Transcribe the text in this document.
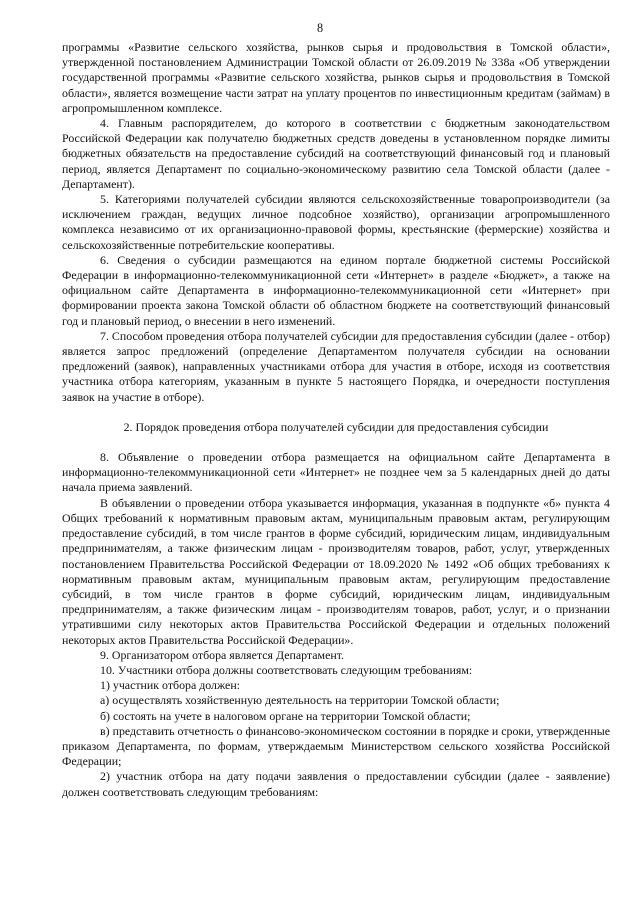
8

программы «Развитие сельского хозяйства, рынков сырья и продовольствия в Томской области», утвержденной постановлением Администрации Томской области от 26.09.2019 № 338а «Об утверждении государственной программы «Развитие сельского хозяйства, рынков сырья и продовольствия в Томской области», является возмещение части затрат на уплату процентов по инвестиционным кредитам (займам) в агропромышленном комплексе.

4. Главным распорядителем, до которого в соответствии с бюджетным законодательством Российской Федерации как получателю бюджетных средств доведены в установленном порядке лимиты бюджетных обязательств на предоставление субсидий на соответствующий финансовый год и плановый период, является Департамент по социально-экономическому развитию села Томской области (далее - Департамент).

5. Категориями получателей субсидии являются сельскохозяйственные товаропроизводители (за исключением граждан, ведущих личное подсобное хозяйство), организации агропромышленного комплекса независимо от их организационно-правовой формы, крестьянские (фермерские) хозяйства и сельскохозяйственные потребительские кооперативы.

6. Сведения о субсидии размещаются на едином портале бюджетной системы Российской Федерации в информационно-телекоммуникационной сети «Интернет» в разделе «Бюджет», а также на официальном сайте Департамента в информационно-телекоммуникационной сети «Интернет» при формировании проекта закона Томской области об областном бюджете на соответствующий финансовый год и плановый период, о внесении в него изменений.

7. Способом проведения отбора получателей субсидии для предоставления субсидии (далее - отбор) является запрос предложений (определение Департаментом получателя субсидии на основании предложений (заявок), направленных участниками отбора для участия в отборе, исходя из соответствия участника отбора категориям, указанным в пункте 5 настоящего Порядка, и очередности поступления заявок на участие в отборе).

2. Порядок проведения отбора получателей субсидии для предоставления субсидии

8. Объявление о проведении отбора размещается на официальном сайте Департамента в информационно-телекоммуникационной сети «Интернет» не позднее чем за 5 календарных дней до даты начала приема заявлений.

В объявлении о проведении отбора указывается информация, указанная в подпункте «б» пункта 4 Общих требований к нормативным правовым актам, муниципальным правовым актам, регулирующим предоставление субсидий, в том числе грантов в форме субсидий, юридическим лицам, индивидуальным предпринимателям, а также физическим лицам - производителям товаров, работ, услуг, утвержденных постановлением Правительства Российской Федерации от 18.09.2020 № 1492 «Об общих требованиях к нормативным правовым актам, муниципальным правовым актам, регулирующим предоставление субсидий, в том числе грантов в форме субсидий, юридическим лицам, индивидуальным предпринимателям, а также физическим лицам - производителям товаров, работ, услуг, и о признании утратившими силу некоторых актов Правительства Российской Федерации и отдельных положений некоторых актов Правительства Российской Федерации».

9. Организатором отбора является Департамент.

10. Участники отбора должны соответствовать следующим требованиям:

1) участник отбора должен:

а) осуществлять хозяйственную деятельность на территории Томской области;

б) состоять на учете в налоговом органе на территории Томской области;

в) представить отчетность о финансово-экономическом состоянии в порядке и сроки, утвержденные приказом Департамента, по формам, утверждаемым Министерством сельского хозяйства Российской Федерации;

2) участник отбора на дату подачи заявления о предоставлении субсидии (далее - заявление) должен соответствовать следующим требованиям:
